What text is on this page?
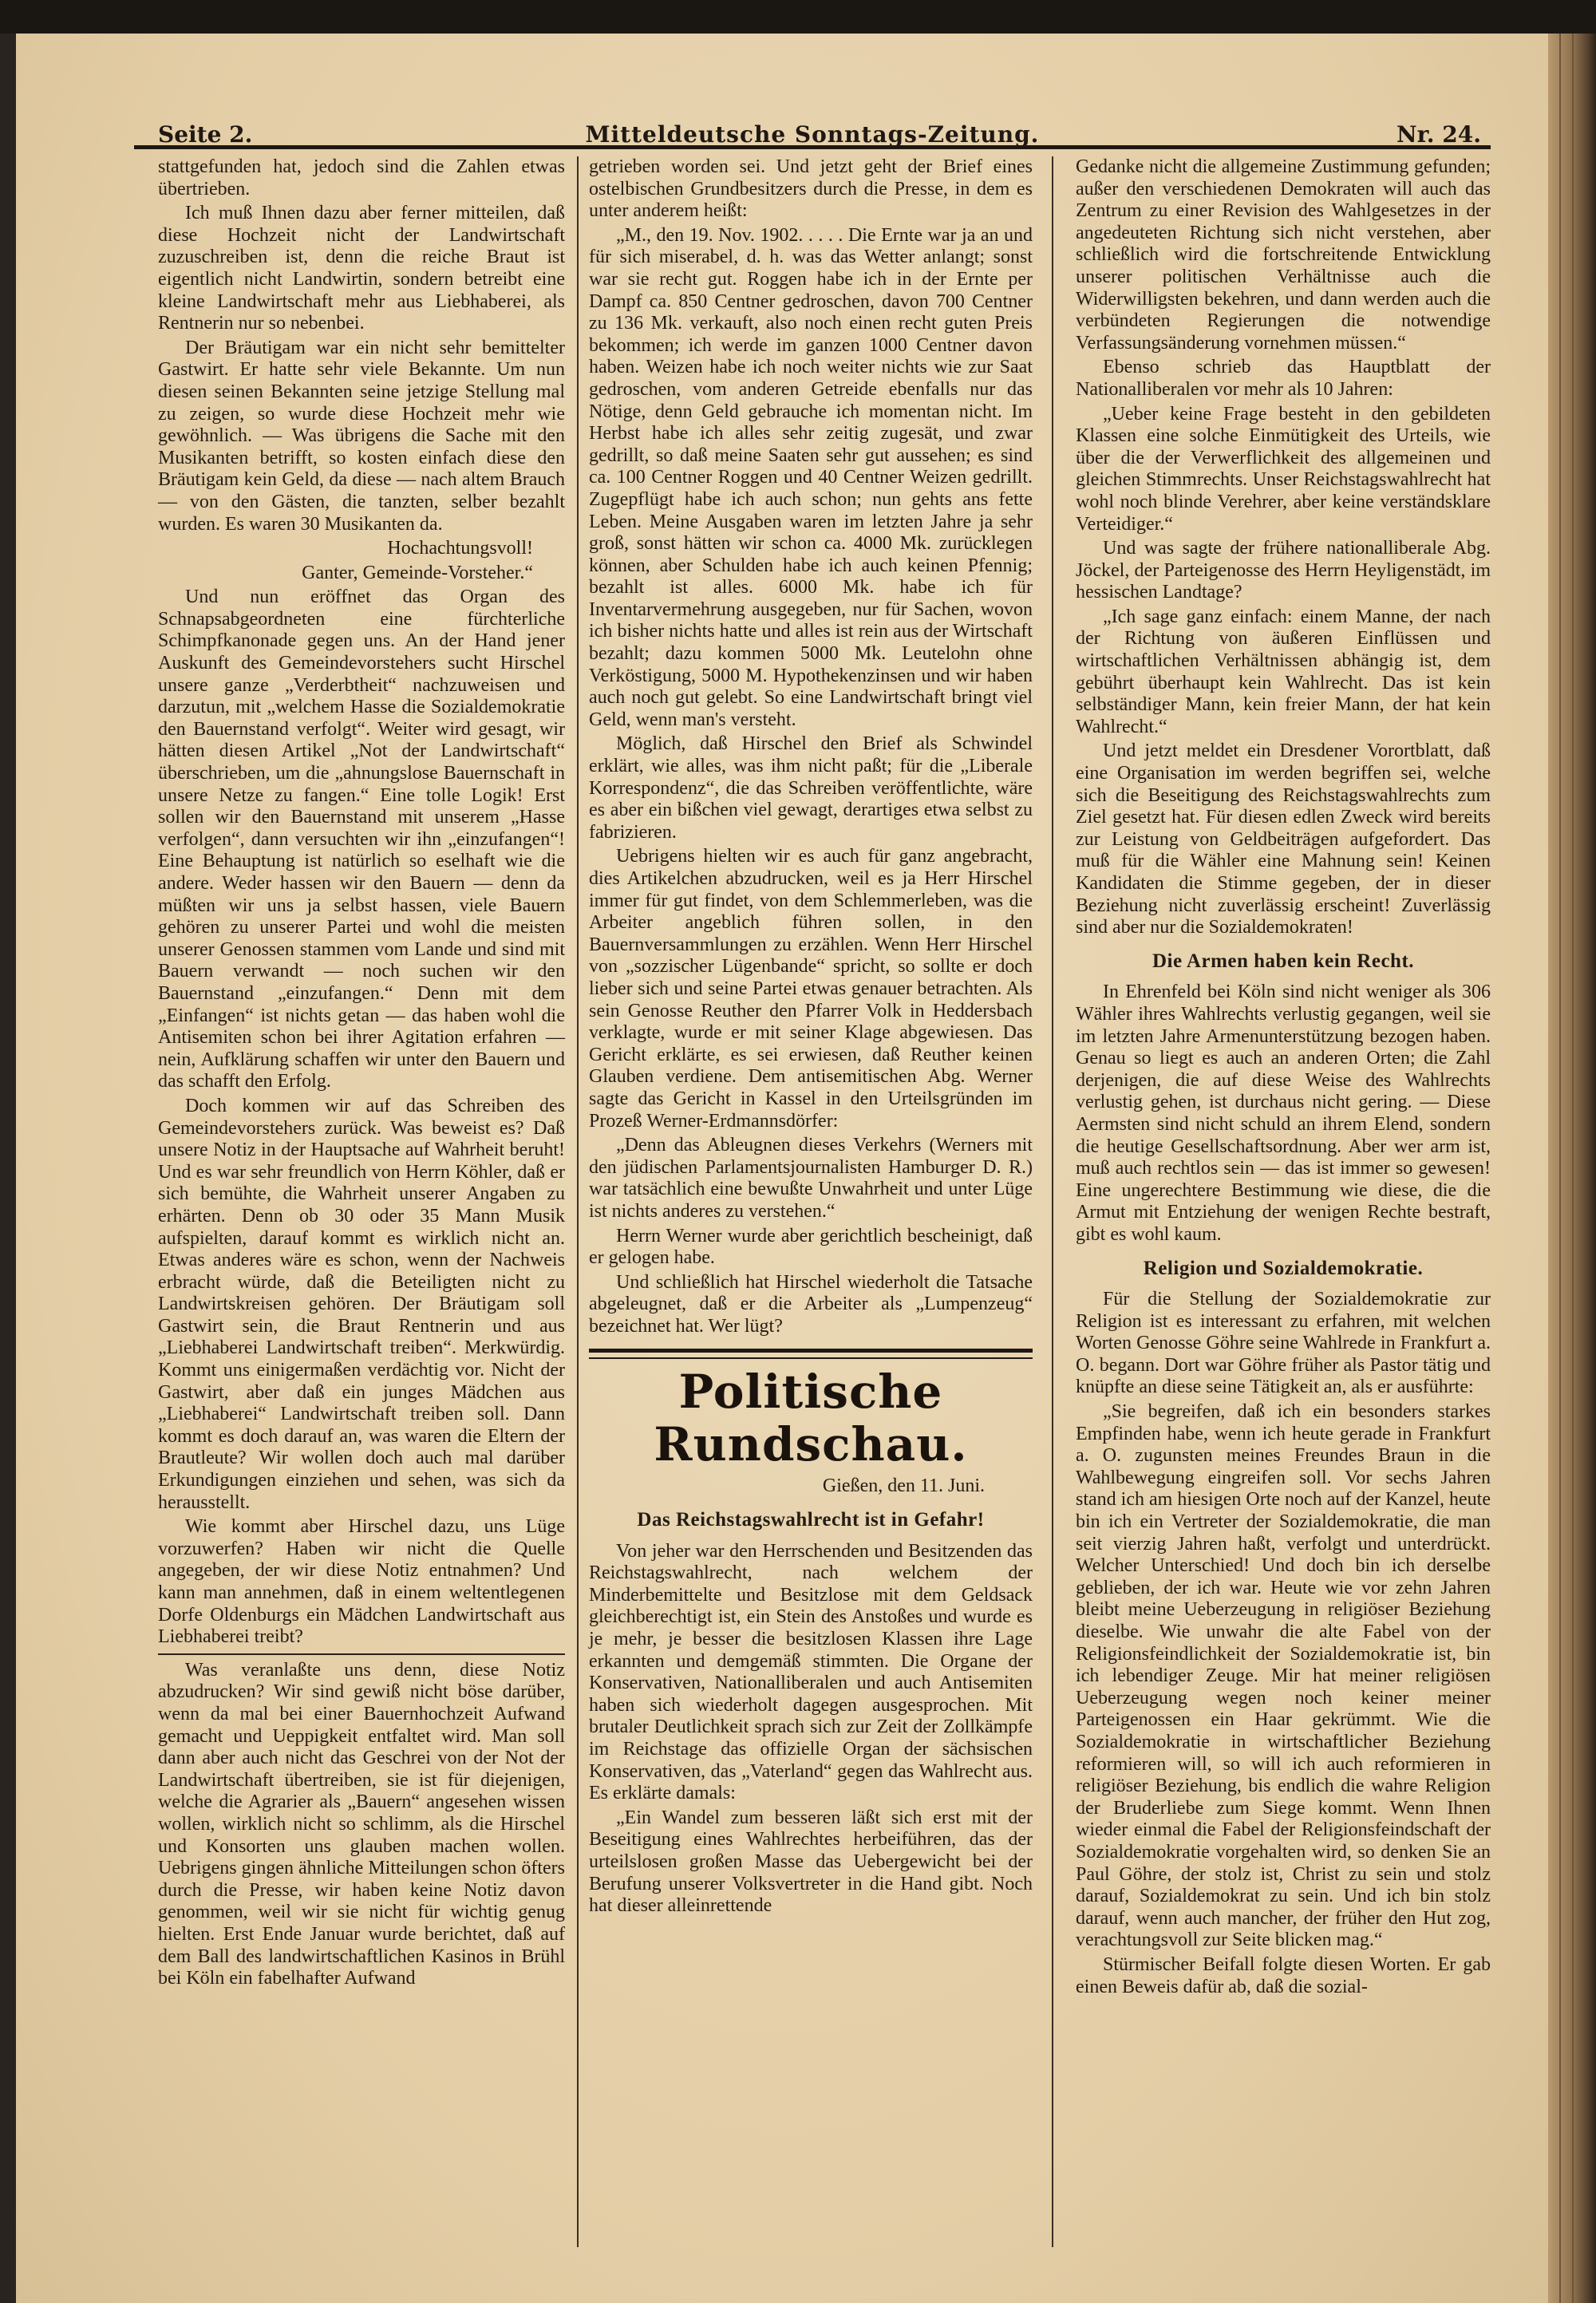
Seite 2.	Mitteldeutsche Sonntags-Zeitung.	Nr. 24.

stattgefunden hat, jedoch sind die Zahlen etwas übertrieben.

Ich muß Ihnen dazu aber ferner mitteilen, daß diese Hochzeit nicht der Landwirtschaft zuzuschreiben ist, denn die reiche Braut ist eigentlich nicht Landwirtin, sondern betreibt eine kleine Landwirtschaft mehr aus Liebhaberei, als Rentnerin nur so nebenbei.

Der Bräutigam war ein nicht sehr bemittelter Gastwirt. Er hatte sehr viele Bekannte. Um nun diesen seinen Bekannten seine jetzige Stellung mal zu zeigen, so wurde diese Hochzeit mehr wie gewöhnlich. — Was übrigens die Sache mit den Musikanten betrifft, so kosten einfach diese den Bräutigam kein Geld, da diese — nach altem Brauch — von den Gästen, die tanzten, selber bezahlt wurden. Es waren 30 Musikanten da.

Hochachtungsvoll!

Ganter, Gemeinde-Vorsteher.“

Und nun eröffnet das Organ des Schnapsabgeordneten eine fürchterliche Schimpfkanonade gegen uns. An der Hand jener Auskunft des Gemeindevorstehers sucht Hirschel unsere ganze „Verderbtheit“ nachzuweisen und darzutun, mit „welchem Hasse die Sozialdemokratie den Bauernstand verfolgt“. Weiter wird gesagt, wir hätten diesen Artikel „Not der Landwirtschaft“ überschrieben, um die „ahnungslose Bauernschaft in unsere Netze zu fangen.“ Eine tolle Logik! Erst sollen wir den Bauernstand mit unserem „Hasse verfolgen“, dann versuchten wir ihn „einzufangen“! Eine Behauptung ist natürlich so eselhaft wie die andere. Weder hassen wir den Bauern — denn da müßten wir uns ja selbst hassen, viele Bauern gehören zu unserer Partei und wohl die meisten unserer Genossen stammen vom Lande und sind mit Bauern verwandt — noch suchen wir den Bauernstand „einzufangen.“ Denn mit dem „Einfangen“ ist nichts getan — das haben wohl die Antisemiten schon bei ihrer Agitation erfahren — nein, Aufklärung schaffen wir unter den Bauern und das schafft den Erfolg.

Doch kommen wir auf das Schreiben des Gemeindevorstehers zurück. Was beweist es? Daß unsere Notiz in der Hauptsache auf Wahrheit beruht! Und es war sehr freundlich von Herrn Köhler, daß er sich bemühte, die Wahrheit unserer Angaben zu erhärten. Denn ob 30 oder 35 Mann Musik aufspielten, darauf kommt es wirklich nicht an. Etwas anderes wäre es schon, wenn der Nachweis erbracht würde, daß die Beteiligten nicht zu Landwirtskreisen gehören. Der Bräutigam soll Gastwirt sein, die Braut Rentnerin und aus „Liebhaberei Landwirtschaft treiben“. Merkwürdig. Kommt uns einigermaßen verdächtig vor. Nicht der Gastwirt, aber daß ein junges Mädchen aus „Liebhaberei“ Landwirtschaft treiben soll. Dann kommt es doch darauf an, was waren die Eltern der Brautleute? Wir wollen doch auch mal darüber Erkundigungen einziehen und sehen, was sich da herausstellt.

Wie kommt aber Hirschel dazu, uns Lüge vorzuwerfen? Haben wir nicht die Quelle angegeben, der wir diese Notiz entnahmen? Und kann man annehmen, daß in einem weltentlegenen Dorfe Oldenburgs ein Mädchen Landwirtschaft aus Liebhaberei treibt?

Was veranlaßte uns denn, diese Notiz abzudrucken? Wir sind gewiß nicht böse darüber, wenn da mal bei einer Bauernhochzeit Aufwand gemacht und Ueppigkeit entfaltet wird. Man soll dann aber auch nicht das Geschrei von der Not der Landwirtschaft übertreiben, sie ist für diejenigen, welche die Agrarier als „Bauern“ angesehen wissen wollen, wirklich nicht so schlimm, als die Hirschel und Konsorten uns glauben machen wollen. Uebrigens gingen ähnliche Mitteilungen schon öfters durch die Presse, wir haben keine Notiz davon genommen, weil wir sie nicht für wichtig genug hielten. Erst Ende Januar wurde berichtet, daß auf dem Ball des landwirtschaftlichen Kasinos in Brühl bei Köln ein fabelhafter Aufwand

getrieben worden sei. Und jetzt geht der Brief eines ostelbischen Grundbesitzers durch die Presse, in dem es unter anderem heißt:

„M., den 19. Nov. 1902. . . . . Die Ernte war ja an und für sich miserabel, d. h. was das Wetter anlangt; sonst war sie recht gut. Roggen habe ich in der Ernte per Dampf ca. 850 Centner gedroschen, davon 700 Centner zu 136 Mk. verkauft, also noch einen recht guten Preis bekommen; ich werde im ganzen 1000 Centner davon haben. Weizen habe ich noch weiter nichts wie zur Saat gedroschen, vom anderen Getreide ebenfalls nur das Nötige, denn Geld gebrauche ich momentan nicht. Im Herbst habe ich alles sehr zeitig zugesät, und zwar gedrillt, so daß meine Saaten sehr gut aussehen; es sind ca. 100 Centner Roggen und 40 Centner Weizen gedrillt. Zugepflügt habe ich auch schon; nun gehts ans fette Leben. Meine Ausgaben waren im letzten Jahre ja sehr groß, sonst hätten wir schon ca. 4000 Mk. zurücklegen können, aber Schulden habe ich auch keinen Pfennig; bezahlt ist alles. 6000 Mk. habe ich für Inventarvermehrung ausgegeben, nur für Sachen, wovon ich bisher nichts hatte und alles ist rein aus der Wirtschaft bezahlt; dazu kommen 5000 Mk. Leutelohn ohne Verköstigung, 5000 M. Hypothekenzinsen und wir haben auch noch gut gelebt. So eine Landwirtschaft bringt viel Geld, wenn man's versteht.

Möglich, daß Hirschel den Brief als Schwindel erklärt, wie alles, was ihm nicht paßt; für die „Liberale Korrespondenz“, die das Schreiben veröffentlichte, wäre es aber ein bißchen viel gewagt, derartiges etwa selbst zu fabrizieren.

Uebrigens hielten wir es auch für ganz angebracht, dies Artikelchen abzudrucken, weil es ja Herr Hirschel immer für gut findet, von dem Schlemmerleben, was die Arbeiter angeblich führen sollen, in den Bauernversammlungen zu erzählen. Wenn Herr Hirschel von „sozzischer Lügenbande“ spricht, so sollte er doch lieber sich und seine Partei etwas genauer betrachten. Als sein Genosse Reuther den Pfarrer Volk in Heddersbach verklagte, wurde er mit seiner Klage abgewiesen. Das Gericht erklärte, es sei erwiesen, daß Reuther keinen Glauben verdiene. Dem antisemitischen Abg. Werner sagte das Gericht in Kassel in den Urteilsgründen im Prozeß Werner-Erdmannsdörfer:

„Denn das Ableugnen dieses Verkehrs (Werners mit den jüdischen Parlamentsjournalisten Hamburger D. R.) war tatsächlich eine bewußte Unwahrheit und unter Lüge ist nichts anderes zu verstehen.“

Herrn Werner wurde aber gerichtlich bescheinigt, daß er gelogen habe.

Und schließlich hat Hirschel wiederholt die Tatsache abgeleugnet, daß er die Arbeiter als „Lumpenzeug“ bezeichnet hat. Wer lügt?

Politische Rundschau.

Gießen, den 11. Juni.

Das Reichstagswahlrecht ist in Gefahr!

Von jeher war den Herrschenden und Besitzenden das Reichstagswahlrecht, nach welchem der Minderbemittelte und Besitzlose mit dem Geldsack gleichberechtigt ist, ein Stein des Anstoßes und wurde es je mehr, je besser die besitzlosen Klassen ihre Lage erkannten und demgemäß stimmten. Die Organe der Konservativen, Nationalliberalen und auch Antisemiten haben sich wiederholt dagegen ausgesprochen. Mit brutaler Deutlichkeit sprach sich zur Zeit der Zollkämpfe im Reichstage das offizielle Organ der sächsischen Konservativen, das „Vaterland“ gegen das Wahlrecht aus. Es erklärte damals:

„Ein Wandel zum besseren läßt sich erst mit der Beseitigung eines Wahlrechtes herbeiführen, das der urteilslosen großen Masse das Uebergewicht bei der Berufung unserer Volksvertreter in die Hand gibt. Noch hat dieser alleinrettende

Gedanke nicht die allgemeine Zustimmung gefunden; außer den verschiedenen Demokraten will auch das Zentrum zu einer Revision des Wahlgesetzes in der angedeuteten Richtung sich nicht verstehen, aber schließlich wird die fortschreitende Entwicklung unserer politischen Verhältnisse auch die Widerwilligsten bekehren, und dann werden auch die verbündeten Regierungen die notwendige Verfassungsänderung vornehmen müssen.“

Ebenso schrieb das Hauptblatt der Nationalliberalen vor mehr als 10 Jahren:

„Ueber keine Frage besteht in den gebildeten Klassen eine solche Einmütigkeit des Urteils, wie über die der Verwerflichkeit des allgemeinen und gleichen Stimmrechts. Unser Reichstagswahlrecht hat wohl noch blinde Verehrer, aber keine verständsklare Verteidiger.“

Und was sagte der frühere nationalliberale Abg. Jöckel, der Parteigenosse des Herrn Heyligenstädt, im hessischen Landtage?

„Ich sage ganz einfach: einem Manne, der nach der Richtung von äußeren Einflüssen und wirtschaftlichen Verhältnissen abhängig ist, dem gebührt überhaupt kein Wahlrecht. Das ist kein selbständiger Mann, kein freier Mann, der hat kein Wahlrecht.“

Und jetzt meldet ein Dresdener Vorortblatt, daß eine Organisation im werden begriffen sei, welche sich die Beseitigung des Reichstagswahlrechts zum Ziel gesetzt hat. Für diesen edlen Zweck wird bereits zur Leistung von Geldbeiträgen aufgefordert. Das muß für die Wähler eine Mahnung sein! Keinen Kandidaten die Stimme gegeben, der in dieser Beziehung nicht zuverlässig erscheint! Zuverlässig sind aber nur die Sozialdemokraten!

Die Armen haben kein Recht.

In Ehrenfeld bei Köln sind nicht weniger als 306 Wähler ihres Wahlrechts verlustig gegangen, weil sie im letzten Jahre Armenunterstützung bezogen haben. Genau so liegt es auch an anderen Orten; die Zahl derjenigen, die auf diese Weise des Wahlrechts verlustig gehen, ist durchaus nicht gering. — Diese Aermsten sind nicht schuld an ihrem Elend, sondern die heutige Gesellschaftsordnung. Aber wer arm ist, muß auch rechtlos sein — das ist immer so gewesen! Eine ungerechtere Bestimmung wie diese, die die Armut mit Entziehung der wenigen Rechte bestraft, gibt es wohl kaum.

Religion und Sozialdemokratie.

Für die Stellung der Sozialdemokratie zur Religion ist es interessant zu erfahren, mit welchen Worten Genosse Göhre seine Wahlrede in Frankfurt a. O. begann. Dort war Göhre früher als Pastor tätig und knüpfte an diese seine Tätigkeit an, als er ausführte:

„Sie begreifen, daß ich ein besonders starkes Empfinden habe, wenn ich heute gerade in Frankfurt a. O. zugunsten meines Freundes Braun in die Wahlbewegung eingreifen soll. Vor sechs Jahren stand ich am hiesigen Orte noch auf der Kanzel, heute bin ich ein Vertreter der Sozialdemokratie, die man seit vierzig Jahren haßt, verfolgt und unterdrückt. Welcher Unterschied! Und doch bin ich derselbe geblieben, der ich war. Heute wie vor zehn Jahren bleibt meine Ueberzeugung in religiöser Beziehung dieselbe. Wie unwahr die alte Fabel von der Religionsfeindlichkeit der Sozialdemokratie ist, bin ich lebendiger Zeuge. Mir hat meiner religiösen Ueberzeugung wegen noch keiner meiner Parteigenossen ein Haar gekrümmt. Wie die Sozialdemokratie in wirtschaftlicher Beziehung reformieren will, so will ich auch reformieren in religiöser Beziehung, bis endlich die wahre Religion der Bruderliebe zum Siege kommt. Wenn Ihnen wieder einmal die Fabel der Religionsfeindschaft der Sozialdemokratie vorgehalten wird, so denken Sie an Paul Göhre, der stolz ist, Christ zu sein und stolz darauf, Sozialdemokrat zu sein. Und ich bin stolz darauf, wenn auch mancher, der früher den Hut zog, verachtungsvoll zur Seite blicken mag.“

Stürmischer Beifall folgte diesen Worten. Er gab einen Beweis dafür ab, daß die sozial-
